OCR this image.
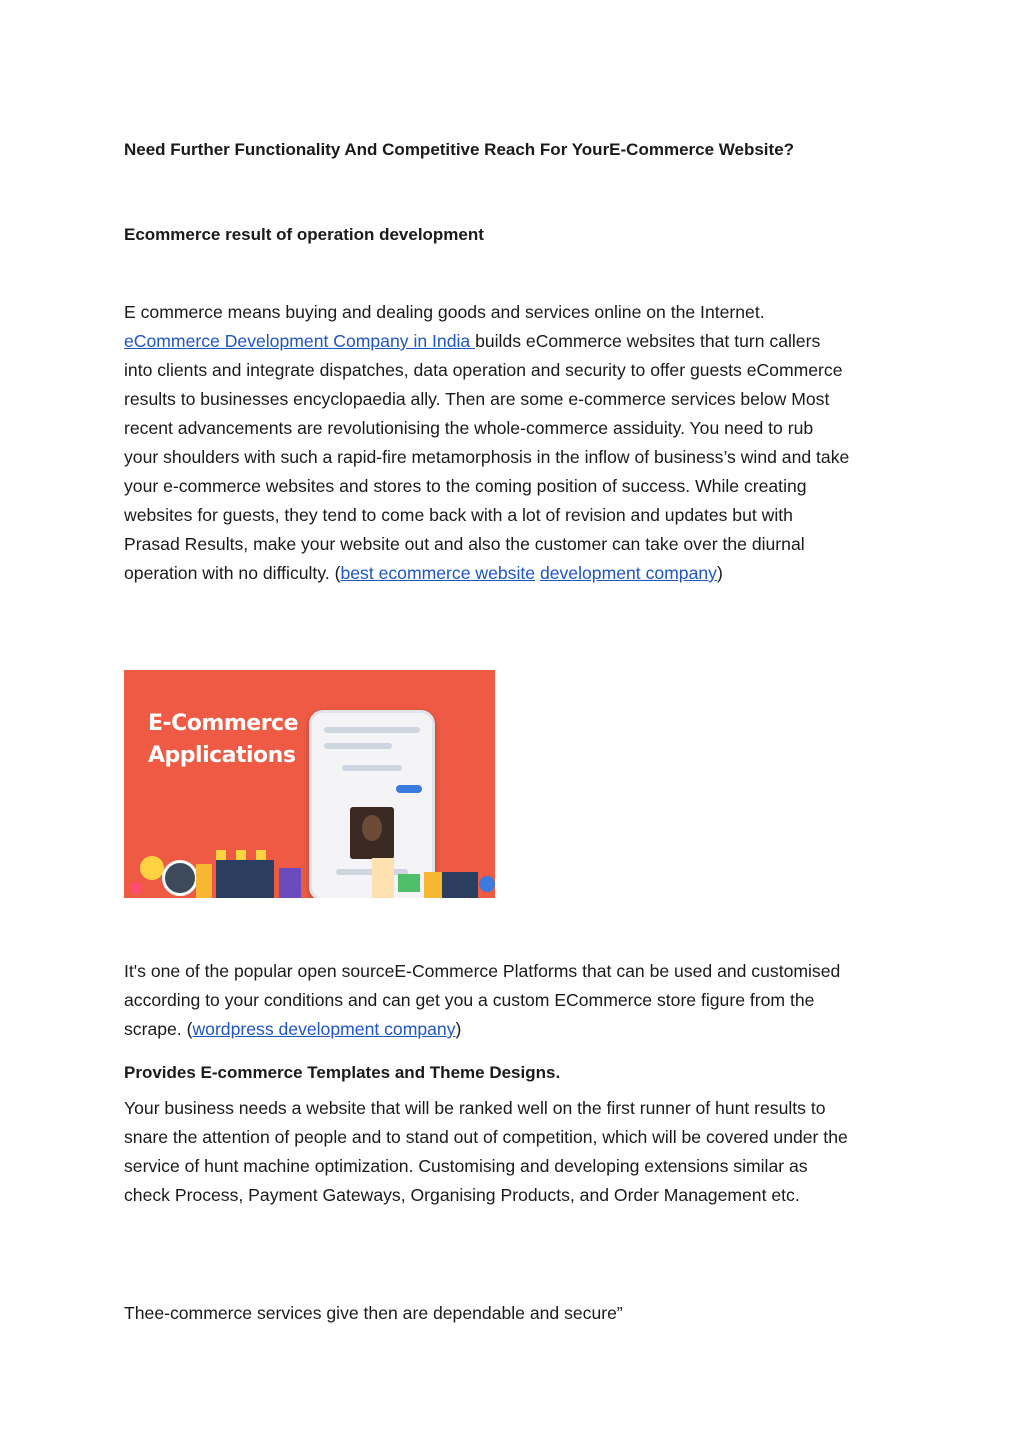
Need Further Functionality And Competitive Reach For YourE-Commerce Website?
Ecommerce result of operation development
E commerce means buying and dealing goods and services online on the Internet.
eCommerce Development Company in India builds eCommerce websites that turn callers
into clients and integrate dispatches, data operation and security to offer guests eCommerce
results to businesses encyclopaedia ally. Then are some e-commerce services below Most
recent advancements are revolutionising the whole-commerce assiduity. You need to rub
your shoulders with such a rapid-fire metamorphosis in the inflow of business’s wind and take
your e-commerce websites and stores to the coming position of success. While creating
websites for guests, they tend to come back with a lot of revision and updates but with
Prasad Results, make your website out and also the customer can take over the diurnal
operation with no difficulty. (best ecommerce website development company)
E-Commerce
Applications
It's one of the popular open sourceE-Commerce Platforms that can be used and customised
according to your conditions and can get you a custom ECommerce store figure from the
scrape. (wordpress development company)
Provides E-commerce Templates and Theme Designs.
Your business needs a website that will be ranked well on the first runner of hunt results to
snare the attention of people and to stand out of competition, which will be covered under the
service of hunt machine optimization. Customising and developing extensions similar as
check Process, Payment Gateways, Organising Products, and Order Management etc.
Thee-commerce services give then are dependable and secure”
